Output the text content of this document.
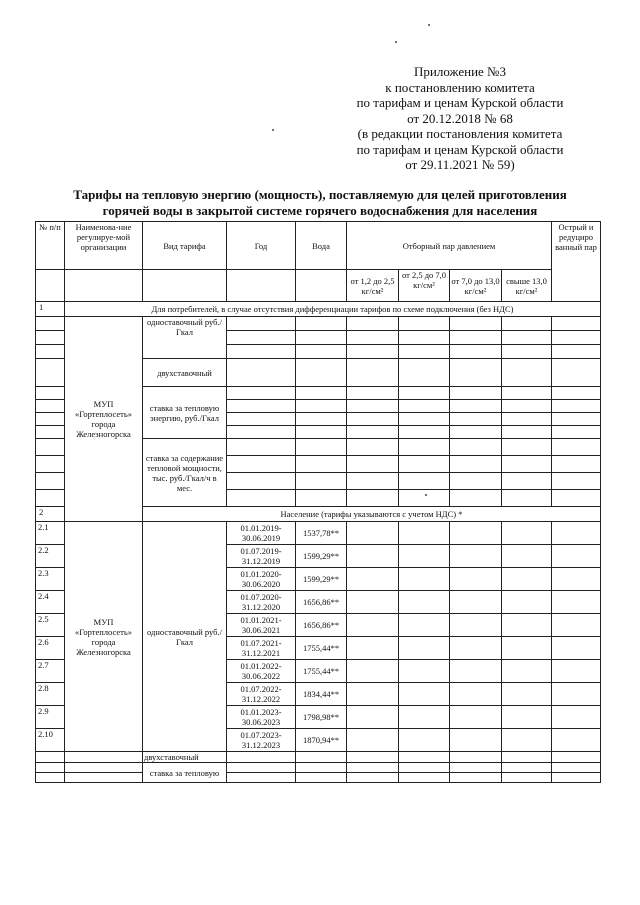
Приложение №3
к постановлению комитета
по тарифам и ценам Курской области
от 20.12.2018 № 68
(в редакции постановления комитета
по тарифам и ценам Курской области
от 29.11.2021 № 59)
Тарифы на тепловую энергию (мощность), поставляемую для целей приготовления
горячей воды в закрытой системе горячего водоснабжения для населения
№ п/п	Наименова-ние регулируе-мой организации	Вид тарифа	Год	Вода	Отборный пар давлением				Острый и редуциро ванный пар
					от 1,2 до 2,5 кг/см²	от 2,5 до 7,0 кг/см²	от 7,0 до 13,0 кг/см²	свыше 13,0 кг/см²	
1	Для потребителей, в случае отсутствия дифференциации тарифов по схеме подключения (без НДС)								
	МУП «Гортеплосеть» города Железногорска	одноставочный руб./Гкал							

		двухставочный							
		ставка за тепловую энергию, руб./Гкал							

		ставка за содержание тепловой мощности, тыс. руб./Гкал/ч в мес.							

2		Население (тарифы указываются с учетом НДС) *							
2.1	МУП «Гортеплосеть» города Железногорска	одноставочный руб./Гкал	01.01.2019-30.06.2019	1537,78**					
2.2			01.07.2019-31.12.2019	1599,29**					
2.3			01.01.2020-30.06.2020	1599,29**					
2.4			01.07.2020-31.12.2020	1656,86**					
2.5			01.01.2021-30.06.2021	1656,86**					
2.6			01.07.2021-31.12.2021	1755,44**					
2.7			01.01.2022-30.06.2022	1755,44**					
2.8			01.07.2022-31.12.2022	1834,44**					
2.9			01.01.2023-30.06.2023	1798,98**					
2.10			01.07.2023-31.12.2023	1870,94**					
		двухставочный							
		ставка за тепловую							
